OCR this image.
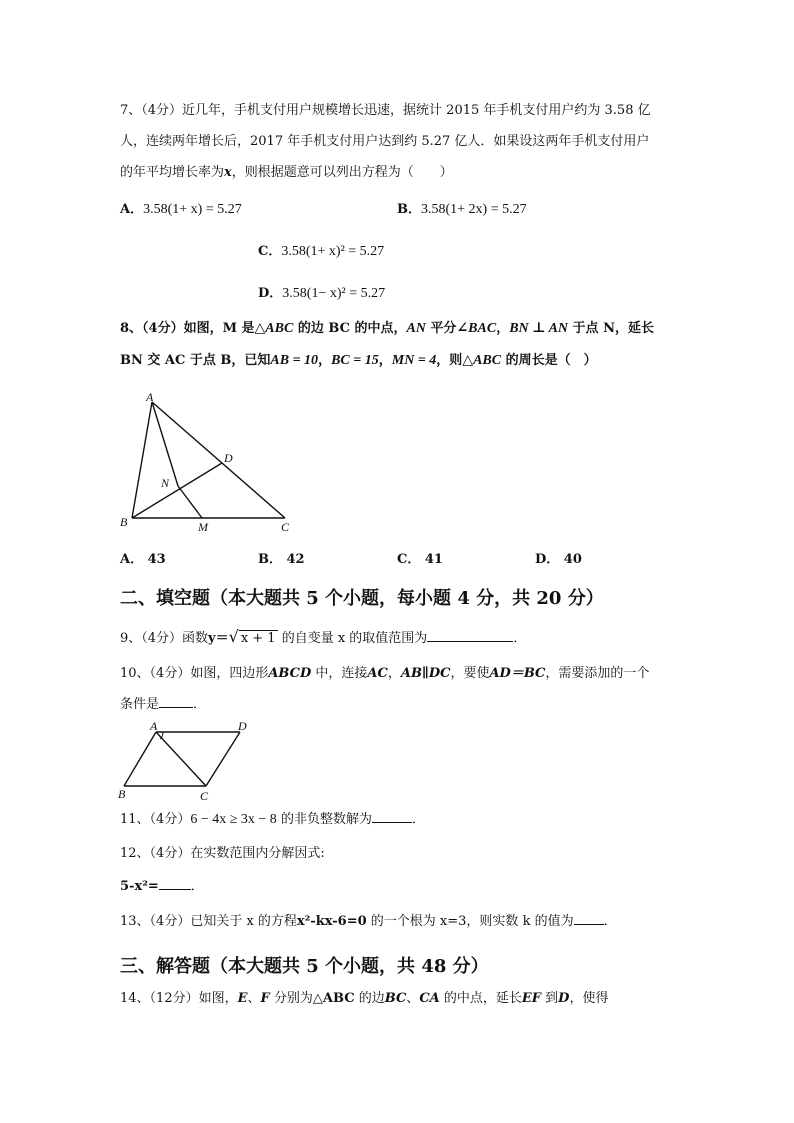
7、（4分）近几年，手机支付用户规模增长迅速，据统计 2015 年手机支付用户约为 3.58 亿
人，连续两年增长后，2017 年手机支付用户达到约 5.27 亿人．如果设这两年手机支付用户
的年平均增长率为x，则根据题意可以列出方程为（　　）
A．3.58(1+ x) = 5.27	B．3.58(1+ 2x) = 5.27
C．3.58(1+ x)² = 5.27
D．3.58(1− x)² = 5.27
8、（4分）如图，M 是△ABC 的边 BC 的中点，AN 平分∠BAC，BN ⊥ AN 于点 N，延长
BN 交 AC 于点 B，已知AB = 10，BC = 15，MN = 4，则△ABC 的周长是（　）
A
B	C
D
M
N
A． 43	B． 42	C． 41	D． 40
二、填空题（本大题共 5 个小题，每小题 4 分，共 20 分）
9、（4分）函数y＝√ x + 1 的自变量 x 的取值范围为	．
10、（4分）如图，四边形ABCD 中，连接AC，AB∥DC，要使AD＝BC，需要添加的一个
条件是	．
A	D
B	C
11、（4分）6 − 4x ≥ 3x − 8 的非负整数解为	．
12、（4分）在实数范围内分解因式:
5-x²= ．
13、（4分）已知关于 x 的方程x²-kx-6=0 的一个根为 x=3，则实数 k 的值为 ．
三、解答题（本大题共 5 个小题，共 48 分）
14、（12分）如图，E、F 分别为△ABC 的边BC、CA 的中点，延长EF 到D，使得
